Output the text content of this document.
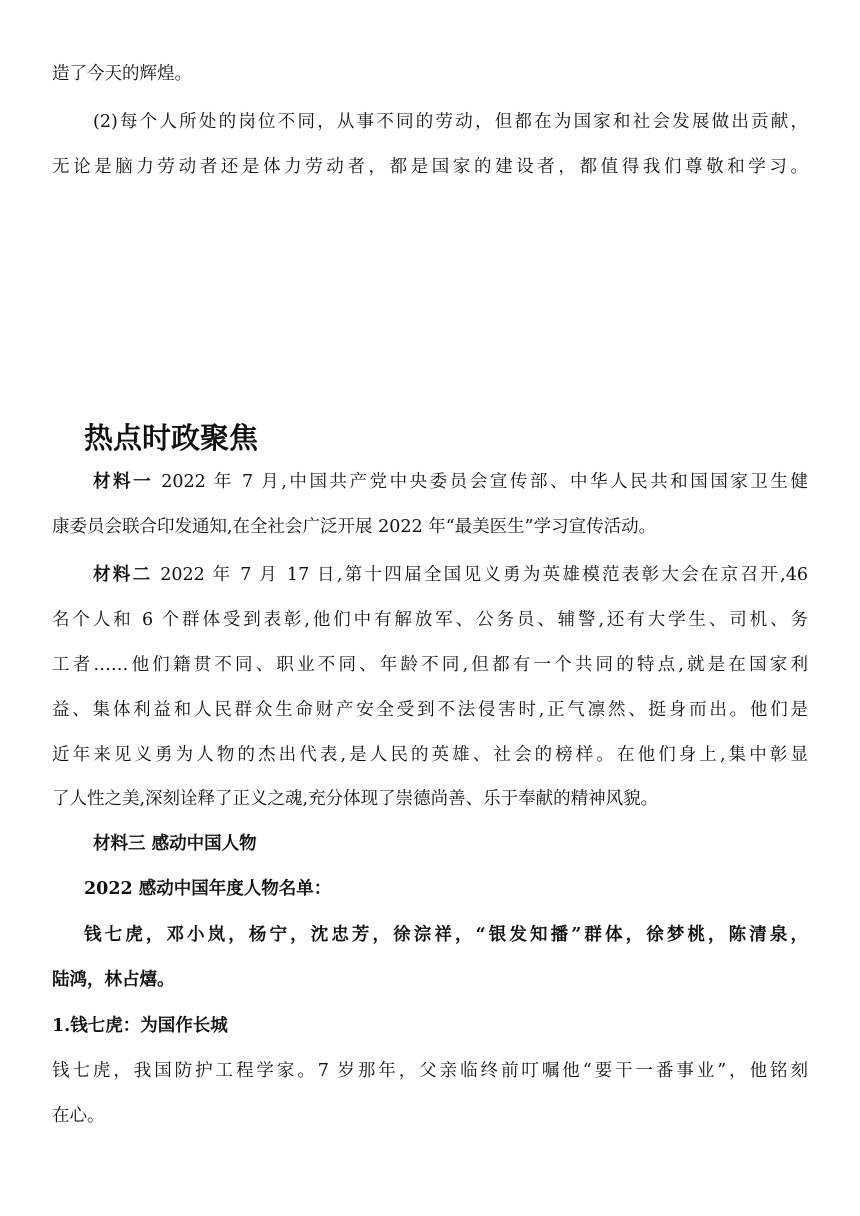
造了今天的辉煌。

(2)每个人所处的岗位不同，从事不同的劳动，但都在为国家和社会发展做出贡献，

无论是脑力劳动者还是体力劳动者，都是国家的建设者，都值得我们尊敬和学习。

热点时政聚焦

材料一 2022 年 7 月,中国共产党中央委员会宣传部、中华人民共和国国家卫生健

康委员会联合印发通知,在全社会广泛开展 2022 年“最美医生”学习宣传活动。

材料二 2022 年 7 月 17 日,第十四届全国见义勇为英雄模范表彰大会在京召开,46

名个人和 6 个群体受到表彰,他们中有解放军、公务员、辅警,还有大学生、司机、务

工者……他们籍贯不同、职业不同、年龄不同,但都有一个共同的特点,就是在国家利

益、集体利益和人民群众生命财产安全受到不法侵害时,正气凛然、挺身而出。他们是

近年来见义勇为人物的杰出代表,是人民的英雄、社会的榜样。在他们身上,集中彰显

了人性之美,深刻诠释了正义之魂,充分体现了崇德尚善、乐于奉献的精神风貌。

材料三 感动中国人物

2022 感动中国年度人物名单：

钱七虎，邓小岚，杨宁，沈忠芳，徐淙祥，“银发知播”群体，徐梦桃，陈清泉，

陆鸿，林占熺。

1.钱七虎：为国作长城

钱七虎，我国防护工程学家。7 岁那年，父亲临终前叮嘱他“要干一番事业”，他铭刻

在心。
